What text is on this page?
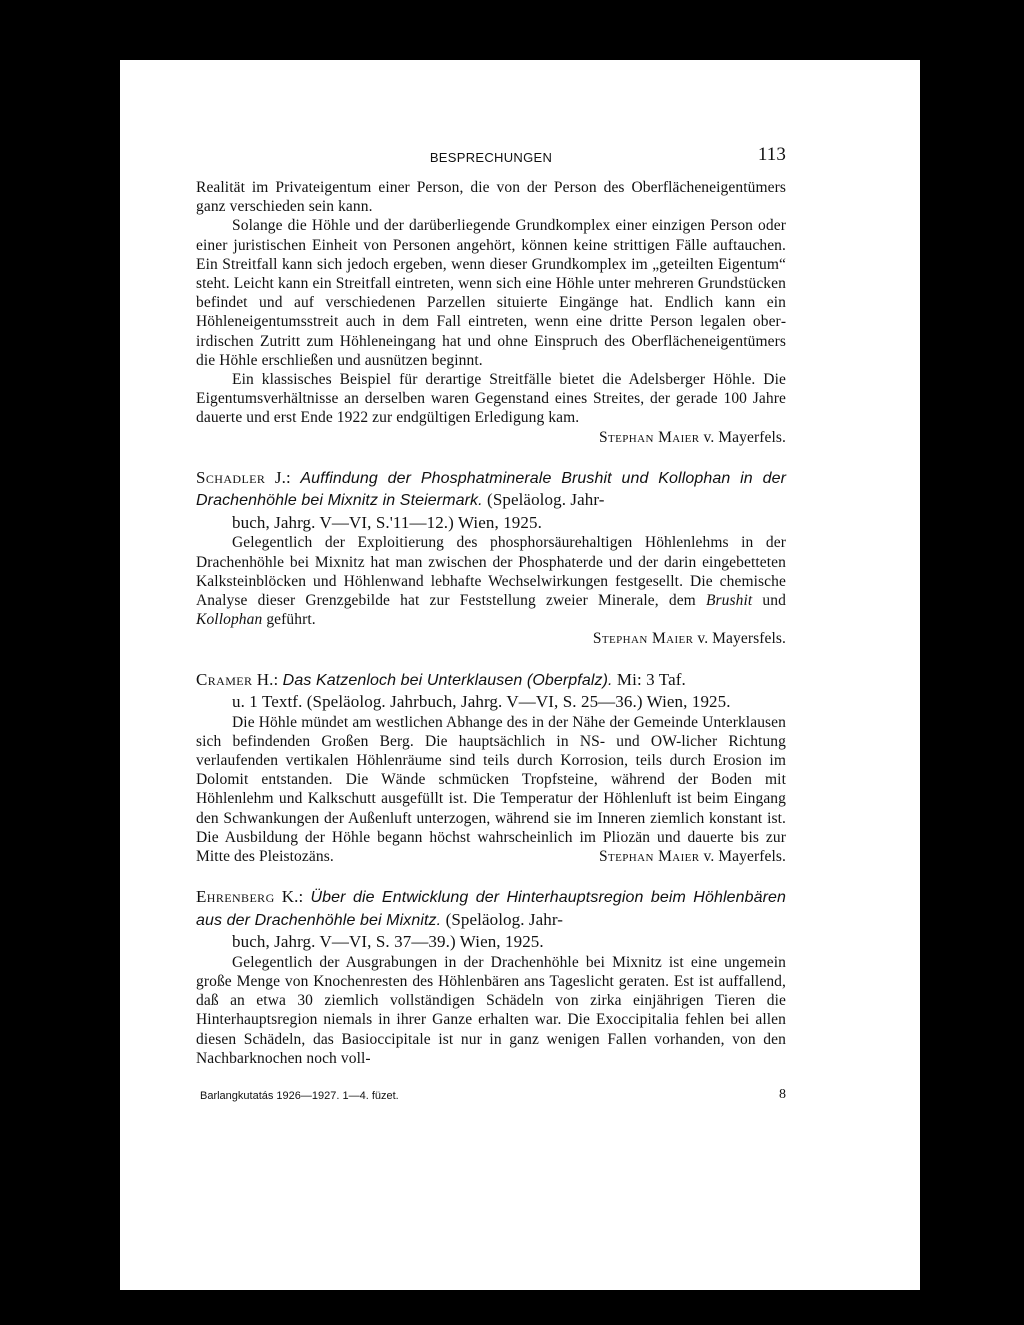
BESPRECHUNGEN	113

Realität im Privateigentum einer Person, die von der Person des Oberflächeneigentümers ganz verschieden sein kann.

Solange die Höhle und der darüberliegende Grundkomplex einer einzigen Person oder einer juristischen Einheit von Personen angehört, können keine strittigen Fälle auftauchen. Ein Streitfall kann sich jedoch ergeben, wenn dieser Grundkomplex im „geteilten Eigentum“ steht. Leicht kann ein Streitfall eintreten, wenn sich eine Höhle unter mehreren Grundstücken befindet und auf verschiedenen Parzellen situierte Eingänge hat. Endlich kann ein Höhleneigentumsstreit auch in dem Fall eintreten, wenn eine dritte Person legalen oberirdischen Zutritt zum Höhleneingang hat und ohne Einspruch des Oberflächeneigentümers die Höhle erschließen und ausnützen beginnt.

Ein klassisches Beispiel für derartige Streitfälle bietet die Adelsberger Höhle. Die Eigentumsverhältnisse an derselben waren Gegenstand eines Streites, der gerade 100 Jahre dauerte und erst Ende 1922 zur endgültigen Erledigung kam.

Stephan Maier v. Mayerfels.

Schadler J.: Auffindung der Phosphatminerale Brushit und Kollophan in der Drachenhöhle bei Mixnitz in Steiermark. (Speläolog. Jahr-
buch, Jahrg. V—VI, S.'11—12.) Wien, 1925.

Gelegentlich der Exploitierung des phosphorsäurehaltigen Höhlenlehms in der Drachenhöhle bei Mixnitz hat man zwischen der Phosphaterde und der darin eingebetteten Kalksteinblöcken und Höhlenwand lebhafte Wechselwirkungen festgesellt. Die chemische Analyse dieser Grenzgebilde hat zur Feststellung zweier Minerale, dem Brushit und Kollophan geführt.

Stephan Maier v. Mayersfels.

Cramer H.: Das Katzenloch bei Unterklausen (Oberpfalz). Mi: 3 Taf.
u. 1 Textf. (Speläolog. Jahrbuch, Jahrg. V—VI, S. 25—36.) Wien, 1925.

Die Höhle mündet am westlichen Abhange des in der Nähe der Gemeinde Unterklausen sich befindenden Großen Berg. Die hauptsächlich in NS- und OW-licher Richtung verlaufenden vertikalen Höhlenräume sind teils durch Korrosion, teils durch Erosion im Dolomit entstanden. Die Wände schmücken Tropfsteine, während der Boden mit Höhlenlehm und Kalkschutt ausgefüllt ist. Die Temperatur der Höhlenluft ist beim Eingang den Schwankungen der Außenluft unterzogen, während sie im Inneren ziemlich konstant ist. Die Ausbildung der Höhle begann höchst wahrscheinlich im Pliozän und dauerte bis zur Mitte des Pleistozäns.	Stephan Maier v. Mayerfels.

Ehrenberg K.: Über die Entwicklung der Hinterhauptsregion beim Höhlenbären aus der Drachenhöhle bei Mixnitz. (Speläolog. Jahr-
buch, Jahrg. V—VI, S. 37—39.) Wien, 1925.

Gelegentlich der Ausgrabungen in der Drachenhöhle bei Mixnitz ist eine ungemein große Menge von Knochenresten des Höhlenbären ans Tageslicht geraten. Est ist auffallend, daß an etwa 30 ziemlich vollständigen Schädeln von zirka einjährigen Tieren die Hinterhauptsregion niemals in ihrer Ganze erhalten war. Die Exoccipitalia fehlen bei allen diesen Schädeln, das Basioccipitale ist nur in ganz wenigen Fallen vorhanden, von den Nachbarknochen noch voll-

Barlangkutatás 1926—1927. 1—4. füzet.	8
